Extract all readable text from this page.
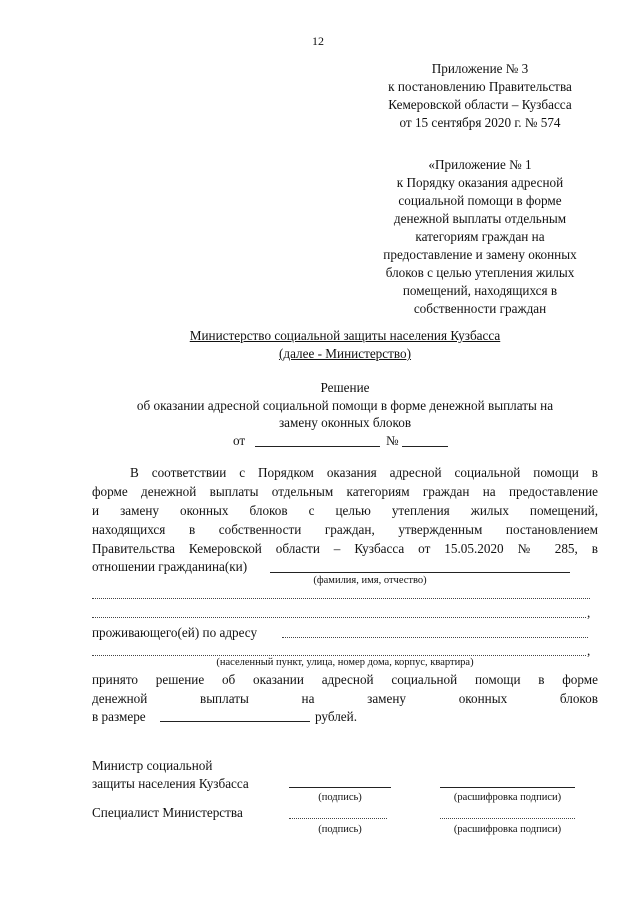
12
Приложение № 3
к постановлению Правительства
Кемеровской области – Кузбасса
от 15 сентября 2020 г. № 574
«Приложение № 1
к Порядку оказания адресной
социальной помощи в форме
денежной выплаты отдельным
категориям граждан на
предоставление и замену оконных
блоков с целью утепления жилых
помещений, находящихся в
собственности граждан
Министерство социальной защиты населения Кузбасса
(далее - Министерство)
Решение
об оказании адресной социальной помощи в форме денежной выплаты на
замену оконных блоков
от	№
В соответствии с Порядком оказания адресной социальной помощи в
форме денежной выплаты отдельным категориям граждан на предоставление
и замену оконных блоков с целью утепления жилых помещений,
находящихся в собственности граждан, утвержденным постановлением
Правительства Кемеровской области – Кузбасса от 15.05.2020 № 285, в
отношении гражданина(ки)
(фамилия, имя, отчество)
,
проживающего(ей) по адресу
,
(населенный пункт, улица, номер дома, корпус, квартира)
принято решение об оказании адресной социальной помощи в форме
денежной выплаты на замену оконных блоков
в размере	рублей.
Министр социальной
защиты населения Кузбасса
(подпись)	(расшифровка подписи)
Специалист Министерства
(подпись)	(расшифровка подписи)
